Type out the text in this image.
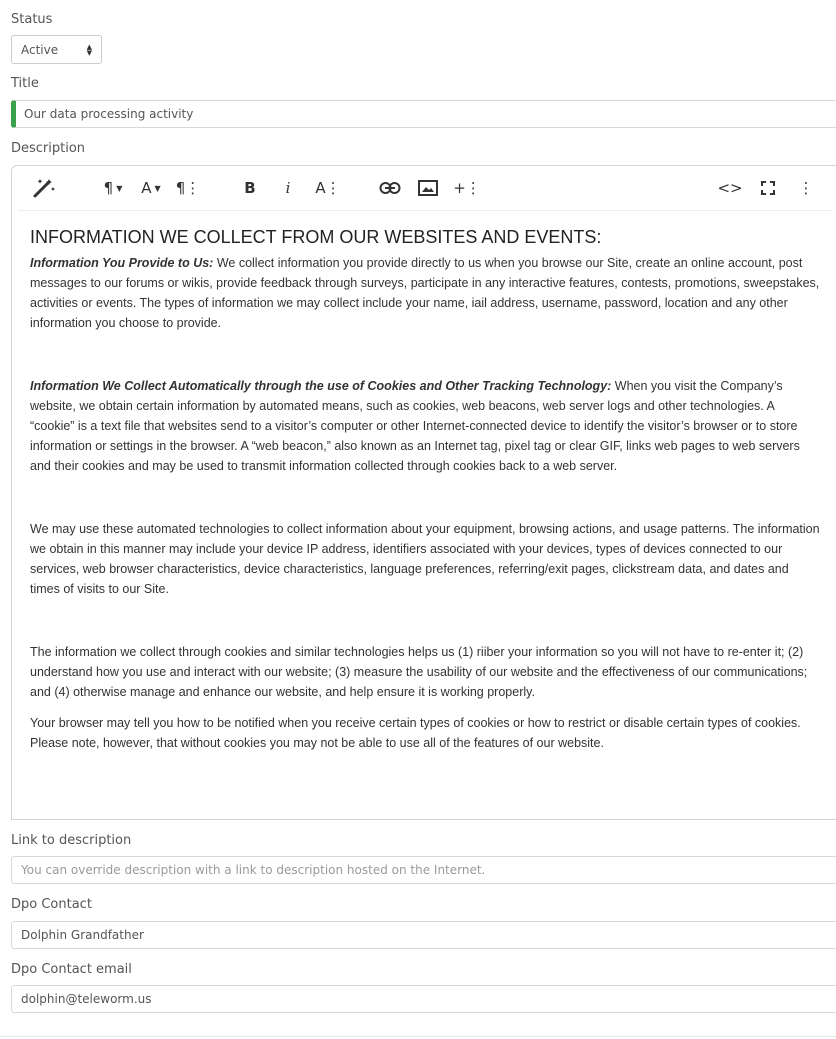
Status

Active	▲
▼

Title

Our data processing activity

Description

¶ ▼ A ▼ ¶⋮	B i A⋮	+⋮	<>	⋮
INFORMATION WE COLLECT FROM OUR WEBSITES AND EVENTS:

Information You Provide to Us: We collect information you provide directly to us when you browse our Site, create an online account, post messages to our forums or wikis, provide feedback through surveys, participate in any interactive features, contests, promotions, sweepstakes, activities or events. The types of information we may collect include your name, iail address, username, password, location and any other information you choose to provide.

Information We Collect Automatically through the use of Cookies and Other Tracking Technology: When you visit the Company’s website, we obtain certain information by automated means, such as cookies, web beacons, web server logs and other technologies. A “cookie” is a text file that websites send to a visitor’s computer or other Internet-connected device to identify the visitor’s browser or to store information or settings in the browser. A “web beacon,” also known as an Internet tag, pixel tag or clear GIF, links web pages to web servers and their cookies and may be used to transmit information collected through cookies back to a web server.

We may use these automated technologies to collect information about your equipment, browsing actions, and usage patterns. The information we obtain in this manner may include your device IP address, identifiers associated with your devices, types of devices connected to our services, web browser characteristics, device characteristics, language preferences, referring/exit pages, clickstream data, and dates and times of visits to our Site.

The information we collect through cookies and similar technologies helps us (1) riiber your information so you will not have to re-enter it; (2) understand how you use and interact with our website; (3) measure the usability of our website and the effectiveness of our communications; and (4) otherwise manage and enhance our website, and help ensure it is working properly.

Your browser may tell you how to be notified when you receive certain types of cookies or how to restrict or disable certain types of cookies. Please note, however, that without cookies you may not be able to use all of the features of our website.

Link to description

You can override description with a link to description hosted on the Internet.

Dpo Contact

Dolphin Grandfather

Dpo Contact email

dolphin@teleworm.us
